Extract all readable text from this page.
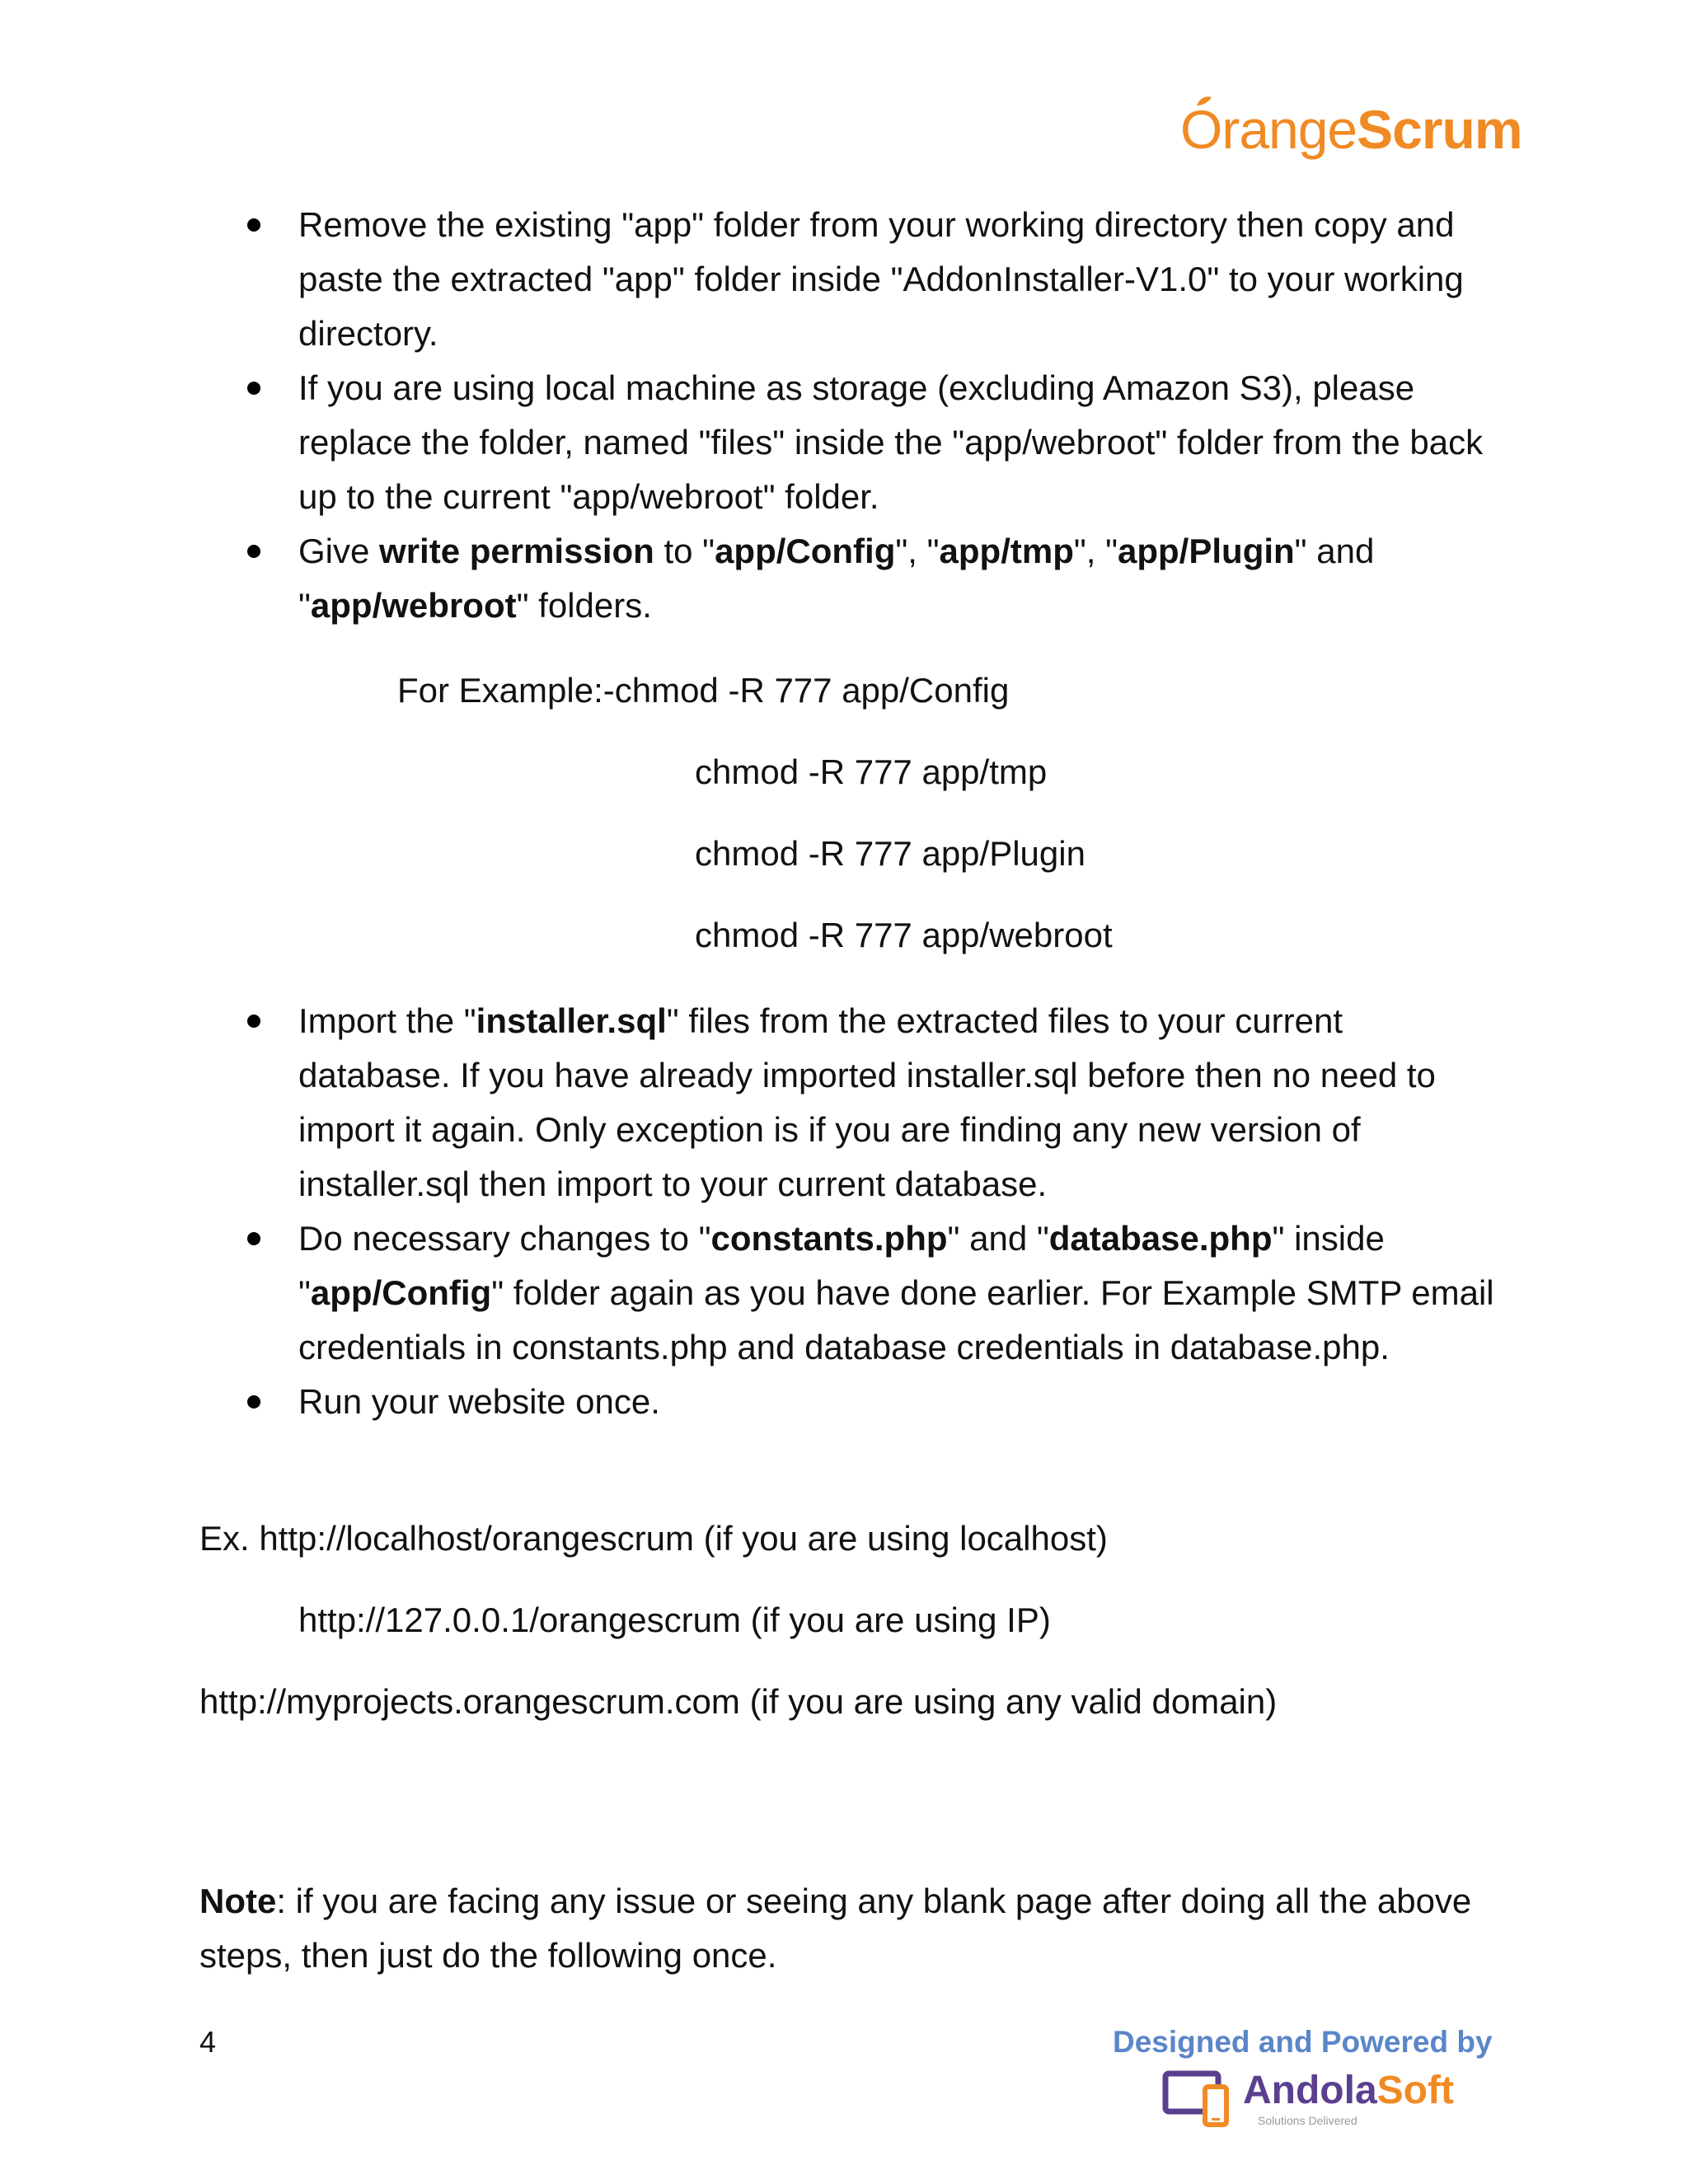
OrangeScrum
Remove the existing "app" folder from your working directory then copy and paste the extracted "app" folder inside "AddonInstaller-V1.0" to your working directory.
If you are using local machine as storage (excluding Amazon S3), please replace the folder, named "files" inside the "app/webroot" folder from the back up to the current "app/webroot" folder.
Give write permission to "app/Config", "app/tmp", "app/Plugin" and "app/webroot" folders.
For Example:-chmod -R 777 app/Config
chmod -R 777 app/tmp
chmod -R 777 app/Plugin
chmod -R 777 app/webroot
Import the "installer.sql" files from the extracted files to your current database. If you have already imported installer.sql before then no need to import it again. Only exception is if you are finding any new version of installer.sql then import to your current database.
Do necessary changes to "constants.php" and "database.php" inside "app/Config" folder again as you have done earlier. For Example SMTP email credentials in constants.php and database credentials in database.php.
Run your website once.
Ex. http://localhost/orangescrum (if you are using localhost)
http://127.0.0.1/orangescrum (if you are using IP)
http://myprojects.orangescrum.com (if you are using any valid domain)

Note: if you are facing any issue or seeing any blank page after doing all the above steps, then just do the following once.

4	Designed and Powered by
AndolaSoft
Solutions Delivered
